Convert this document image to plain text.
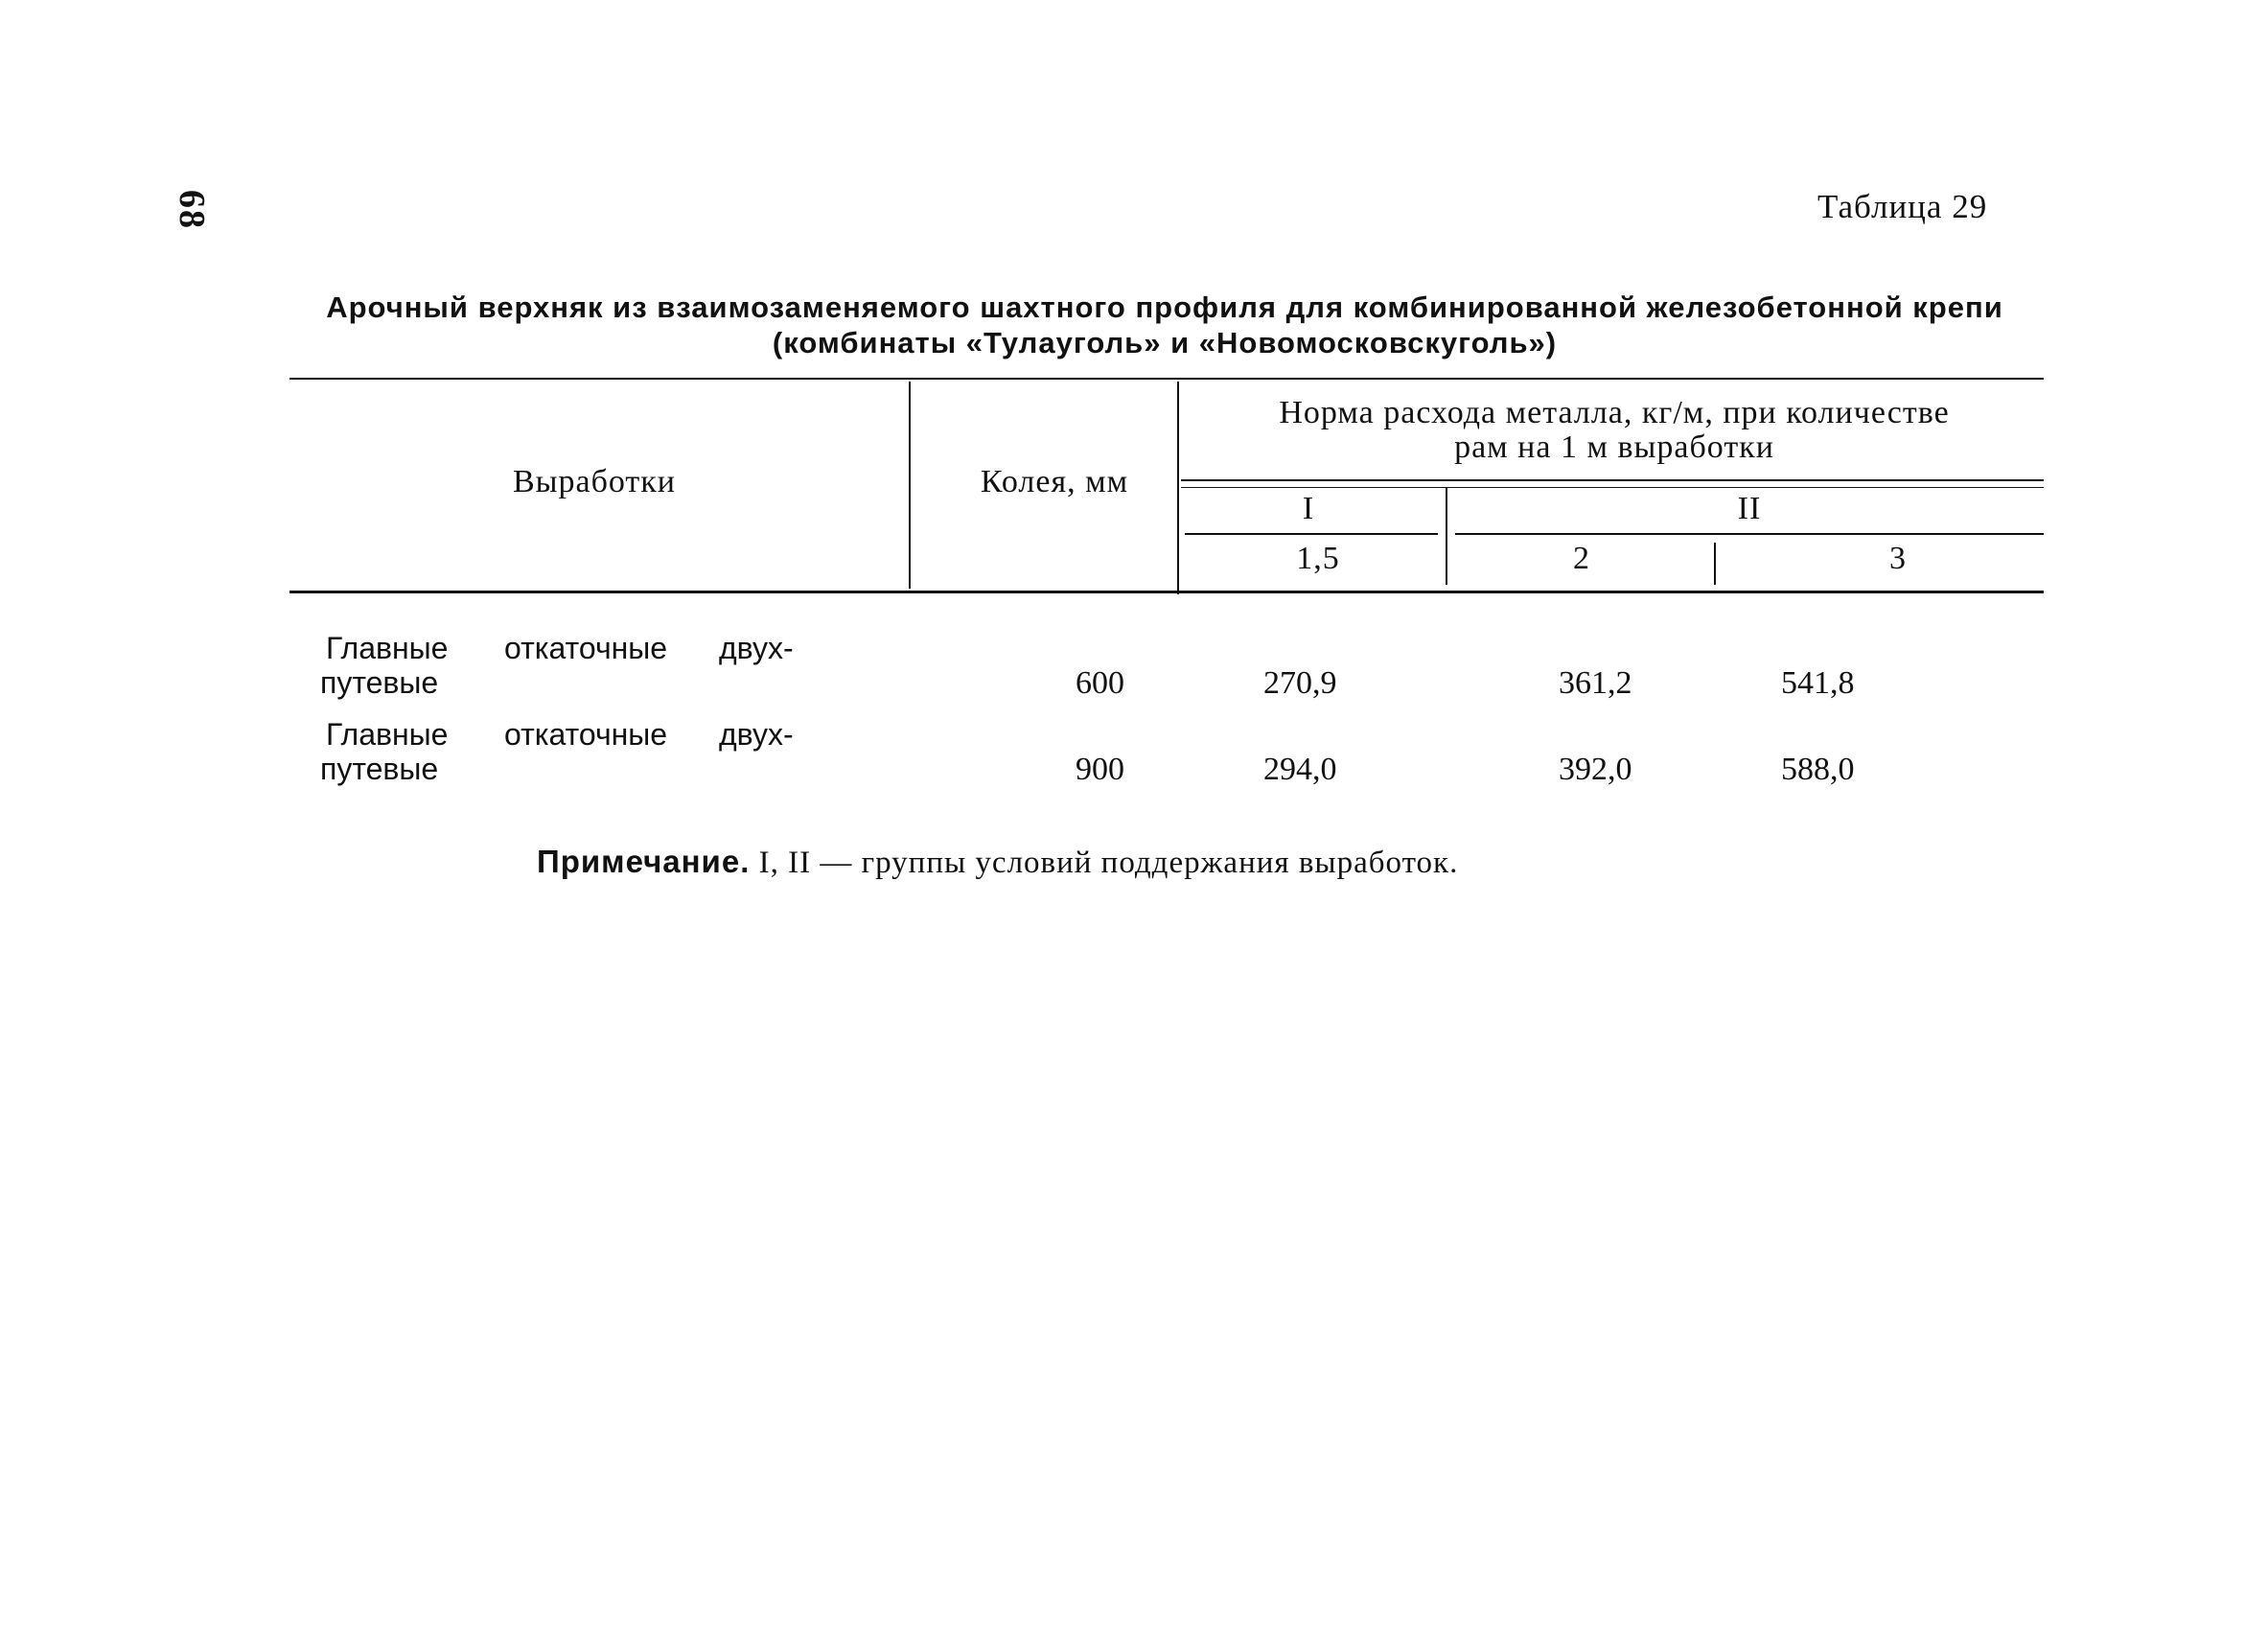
68	Таблица 29
Арочный верхняк из взаимозаменяемого шахтного профиля для комбинированной железобетонной крепи
(комбинаты «Тулауголь» и «Новомосковскуголь»)
Выработки	Колея, мм
Норма расхода металла, кг/м, при количестве
рам на 1 м выработки
I	II
1,5	2	3
Главные откаточные двух-
путевые	600	270,9	361,2	541,8
Главные откаточные двух-
путевые	900	294,0	392,0	588,0
Примечание. I, II — группы условий поддержания выработок.
